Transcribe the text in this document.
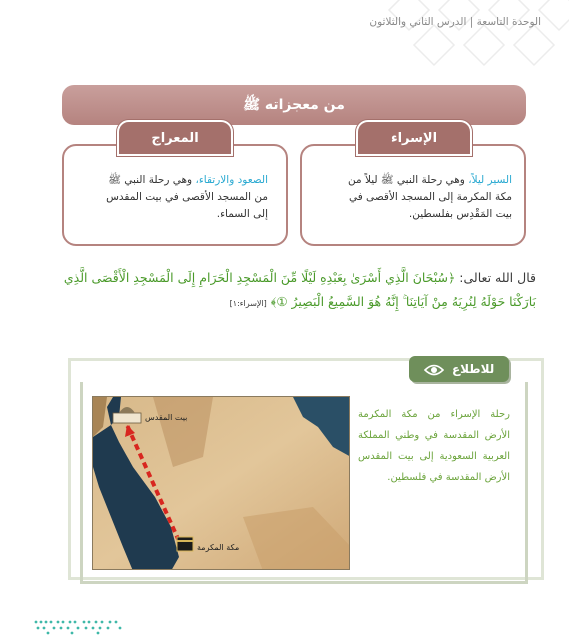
الوحدة التاسعة | الدرس الثاني والثلاثون
من معجزاته ﷺ
الإسراء
السير ليلاً، وهي رحلة النبي ﷺ ليلاً من
مكة المكرمة إلى المسجد الأقصى في
بيت المَقْدِس بفلسطين.
المعراج
الصعود والارتقاء، وهي رحلة النبي ﷺ
من المسجد الأقصى في بيت المقدس
إلى السماء.
قال الله تعالى: ﴿سُبْحَانَ الَّذِي أَسْرَىٰ بِعَبْدِهِ لَيْلًا مِّنَ الْمَسْجِدِ الْحَرَامِ إِلَى الْمَسْجِدِ الْأَقْصَى الَّذِي
بَارَكْنَا حَوْلَهُ لِنُرِيَهُ مِنْ آيَاتِنَا ۚ إِنَّهُ هُوَ السَّمِيعُ الْبَصِيرُ ①﴾ [الإسراء:١]
للاطلاع
رحلة الإسراء من مكة المكرمة الأرض المقدسة في وطني المملكة العربية السعودية إلى بيت المقدس الأرض المقدسة في فلسطين.
بيت المقدس
مكة المكرمة
